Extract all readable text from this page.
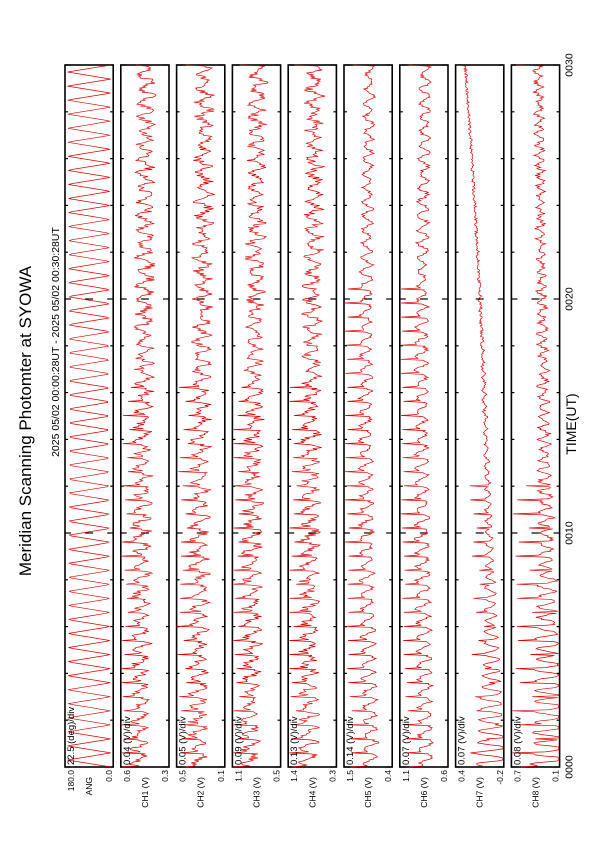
Meridian Scanning Photomter at SYOWA 2025 05/02 00:00:28UT - 2025 05/02 00:30:28UT
22.5 (deg)/div
180.0	0.0
ANG
0.04 (V)/div
0.6	0.3
CH1 (V)
0.05 (V)/div
0.5	0.1
CH2 (V)
0.09 (V)/div
1.1	0.5
CH3 (V)
0.13 (V)/div
1.4	0.3
CH4 (V)
0.14 (V)/div
1.5	0.4
CH5 (V)
0.07 (V)/div
1.1	0.6
CH6 (V)
0.07 (V)/div
0.4	-0.2
CH7 (V)
0.08 (V)/div
0.7	0.1
CH8 (V)
0000
0010
0020
0030
TIME(UT)
